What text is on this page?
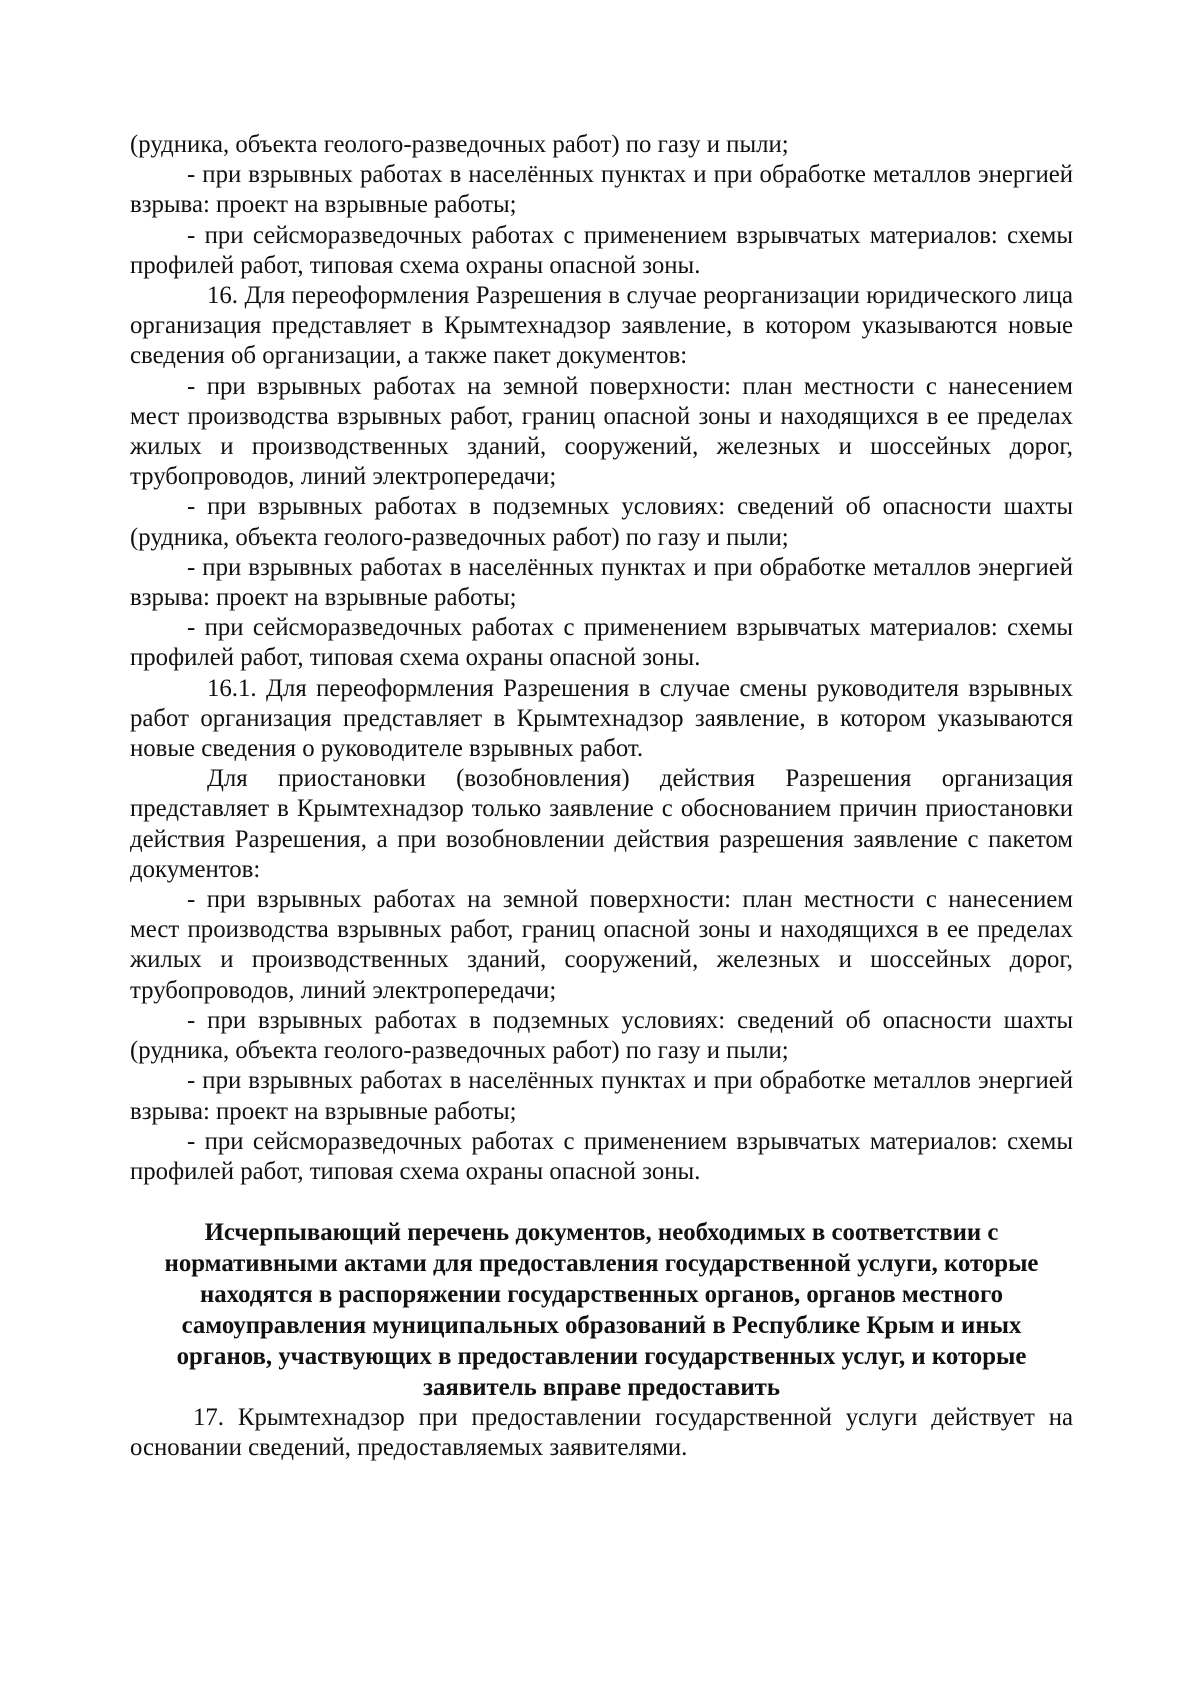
(рудника, объекта геолого-разведочных работ) по газу и пыли;

- при взрывных работах в населённых пунктах и при обработке металлов энергией взрыва: проект на взрывные работы;

- при сейсморазведочных работах с применением взрывчатых материалов: схемы профилей работ, типовая схема охраны опасной зоны.

16. Для переоформления Разрешения в случае реорганизации юридического лица организация представляет в Крымтехнадзор заявление, в котором указываются новые сведения об организации, а также пакет документов:

- при взрывных работах на земной поверхности: план местности с нанесением мест производства взрывных работ, границ опасной зоны и находящихся в ее пределах жилых и производственных зданий, сооружений, железных и шоссейных дорог, трубопроводов, линий электропередачи;

- при взрывных работах в подземных условиях: сведений об опасности шахты (рудника, объекта геолого-разведочных работ) по газу и пыли;

- при взрывных работах в населённых пунктах и при обработке металлов энергией взрыва: проект на взрывные работы;

- при сейсморазведочных работах с применением взрывчатых материалов: схемы профилей работ, типовая схема охраны опасной зоны.

16.1. Для переоформления Разрешения в случае смены руководителя взрывных работ организация представляет в Крымтехнадзор заявление, в котором указываются новые сведения о руководителе взрывных работ.

Для приостановки (возобновления) действия Разрешения организация представляет в Крымтехнадзор только заявление с обоснованием причин приостановки действия Разрешения, а при возобновлении действия разрешения заявление с пакетом документов:

- при взрывных работах на земной поверхности: план местности с нанесением мест производства взрывных работ, границ опасной зоны и находящихся в ее пределах жилых и производственных зданий, сооружений, железных и шоссейных дорог, трубопроводов, линий электропередачи;

- при взрывных работах в подземных условиях: сведений об опасности шахты (рудника, объекта геолого-разведочных работ) по газу и пыли;

- при взрывных работах в населённых пунктах и при обработке металлов энергией взрыва: проект на взрывные работы;

- при сейсморазведочных работах с применением взрывчатых материалов: схемы профилей работ, типовая схема охраны опасной зоны.

Исчерпывающий перечень документов, необходимых в соответствии с нормативными актами для предоставления государственной услуги, которые находятся в распоряжении государственных органов, органов местного самоуправления муниципальных образований в Республике Крым и иных органов, участвующих в предоставлении государственных услуг, и которые заявитель вправе предоставить

17. Крымтехнадзор при предоставлении государственной услуги действует на основании сведений, предоставляемых заявителями.
